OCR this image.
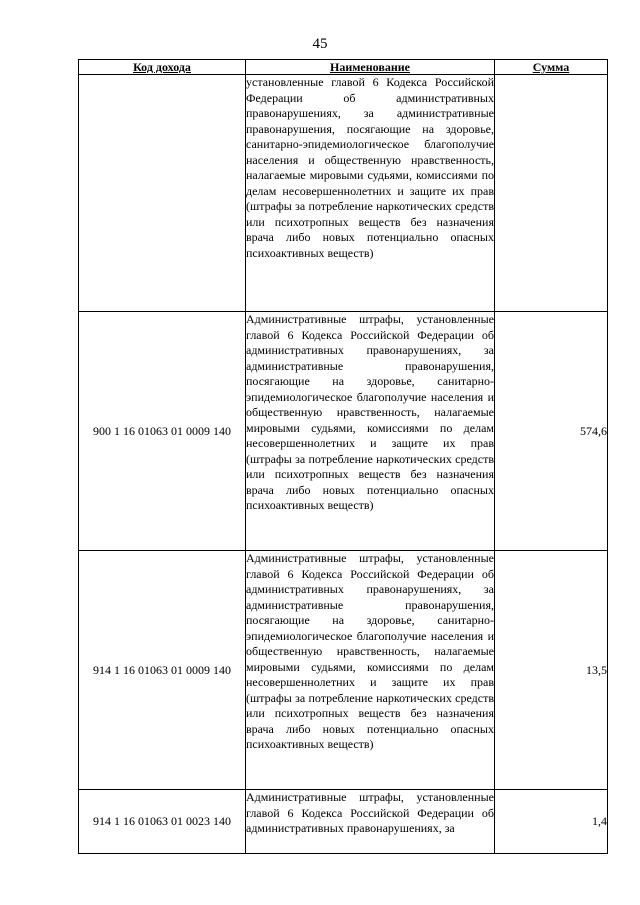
45
Код дохода	Наименование	Сумма

	установленные главой 6 Кодекса Российской Федерации об административных правонарушениях, за административные правонарушения, посягающие на здоровье, санитарно-эпидемиологическое благополучие населения и общественную нравственность, налагаемые мировыми судьями, комиссиями по делам несовершеннолетних и защите их прав (штрафы за потребление наркотических средств или психотропных веществ без назначения врача либо новых потенциально опасных психоактивных веществ)	

900 1 16 01063 01 0009 140	Административные штрафы, установленные главой 6 Кодекса Российской Федерации об административных правонарушениях, за административные правонарушения, посягающие на здоровье, санитарно-эпидемиологическое благополучие населения и общественную нравственность, налагаемые мировыми судьями, комиссиями по делам несовершеннолетних и защите их прав (штрафы за потребление наркотических средств или психотропных веществ без назначения врача либо новых потенциально опасных психоактивных веществ)	574,6
914 1 16 01063 01 0009 140	Административные штрафы, установленные главой 6 Кодекса Российской Федерации об административных правонарушениях, за административные правонарушения, посягающие на здоровье, санитарно-эпидемиологическое благополучие населения и общественную нравственность, налагаемые мировыми судьями, комиссиями по делам несовершеннолетних и защите их прав (штрафы за потребление наркотических средств или психотропных веществ без назначения врача либо новых потенциально опасных психоактивных веществ)	13,5
914 1 16 01063 01 0023 140	Административные штрафы, установленные главой 6 Кодекса Российской Федерации об административных правонарушениях, за	1,4
